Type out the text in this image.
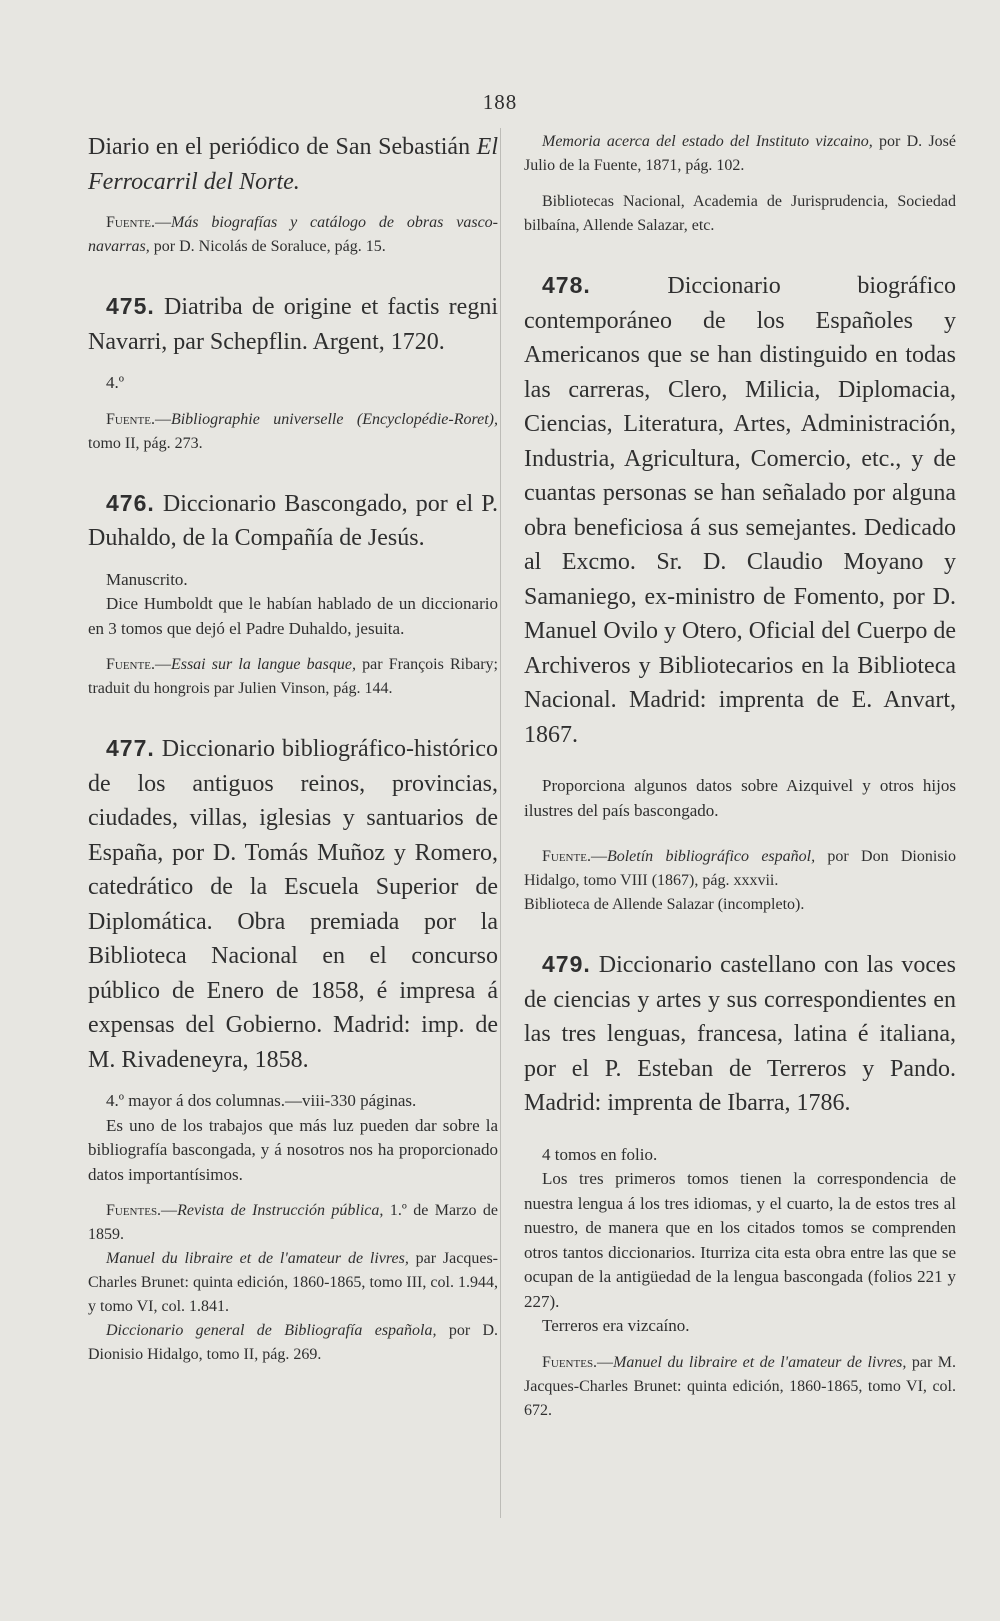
188

Diario en el periódico de San Sebastián El Ferrocarril del Norte.

Fuente.—Más biografías y catálogo de obras vasco-navarras, por D. Nicolás de Soraluce, pág. 15.

475. Diatriba de origine et factis regni Navarri, par Schepflin. Argent, 1720.

4.º

Fuente.—Bibliographie universelle (Encyclopédie-Roret), tomo II, pág. 273.

476. Diccionario Bascongado, por el P. Duhaldo, de la Compañía de Jesús.

Manuscrito.

Dice Humboldt que le habían hablado de un diccionario en 3 tomos que dejó el Padre Duhaldo, jesuita.

Fuente.—Essai sur la langue basque, par François Ribary; traduit du hongrois par Julien Vinson, pág. 144.

477. Diccionario bibliográfico-histórico de los antiguos reinos, provincias, ciudades, villas, iglesias y santuarios de España, por D. Tomás Muñoz y Romero, catedrático de la Escuela Superior de Diplomática. Obra premiada por la Biblioteca Nacional en el concurso público de Enero de 1858, é impresa á expensas del Gobierno. Madrid: imp. de M. Rivadeneyra, 1858.

4.º mayor á dos columnas.—viii-330 páginas.

Es uno de los trabajos que más luz pueden dar sobre la bibliografía bascongada, y á nosotros nos ha proporcionado datos importantísimos.

Fuentes.—Revista de Instrucción pública, 1.º de Marzo de 1859.

Manuel du libraire et de l'amateur de livres, par Jacques-Charles Brunet: quinta edición, 1860-1865, tomo III, col. 1.944, y tomo VI, col. 1.841.

Diccionario general de Bibliografía española, por D. Dionisio Hidalgo, tomo II, pág. 269.

Memoria acerca del estado del Instituto vizcaino, por D. José Julio de la Fuente, 1871, pág. 102.

Bibliotecas Nacional, Academia de Jurisprudencia, Sociedad bilbaína, Allende Salazar, etc.

478. Diccionario biográfico contemporáneo de los Españoles y Americanos que se han distinguido en todas las carreras, Clero, Milicia, Diplomacia, Ciencias, Literatura, Artes, Administración, Industria, Agricultura, Comercio, etc., y de cuantas personas se han señalado por alguna obra beneficiosa á sus semejantes. Dedicado al Excmo. Sr. D. Claudio Moyano y Samaniego, ex-ministro de Fomento, por D. Manuel Ovilo y Otero, Oficial del Cuerpo de Archiveros y Bibliotecarios en la Biblioteca Nacional. Madrid: imprenta de E. Anvart, 1867.

Proporciona algunos datos sobre Aizquivel y otros hijos ilustres del país bascongado.

Fuente.—Boletín bibliográfico español, por Don Dionisio Hidalgo, tomo VIII (1867), pág. xxxvii.

Biblioteca de Allende Salazar (incompleto).

479. Diccionario castellano con las voces de ciencias y artes y sus correspondientes en las tres lenguas, francesa, latina é italiana, por el P. Esteban de Terreros y Pando. Madrid: imprenta de Ibarra, 1786.

4 tomos en folio.

Los tres primeros tomos tienen la correspondencia de nuestra lengua á los tres idiomas, y el cuarto, la de estos tres al nuestro, de manera que en los citados tomos se comprenden otros tantos diccionarios. Iturriza cita esta obra entre las que se ocupan de la antigüedad de la lengua bascongada (folios 221 y 227).

Terreros era vizcaíno.

Fuentes.—Manuel du libraire et de l'amateur de livres, par M. Jacques-Charles Brunet: quinta edición, 1860-1865, tomo VI, col. 672.
